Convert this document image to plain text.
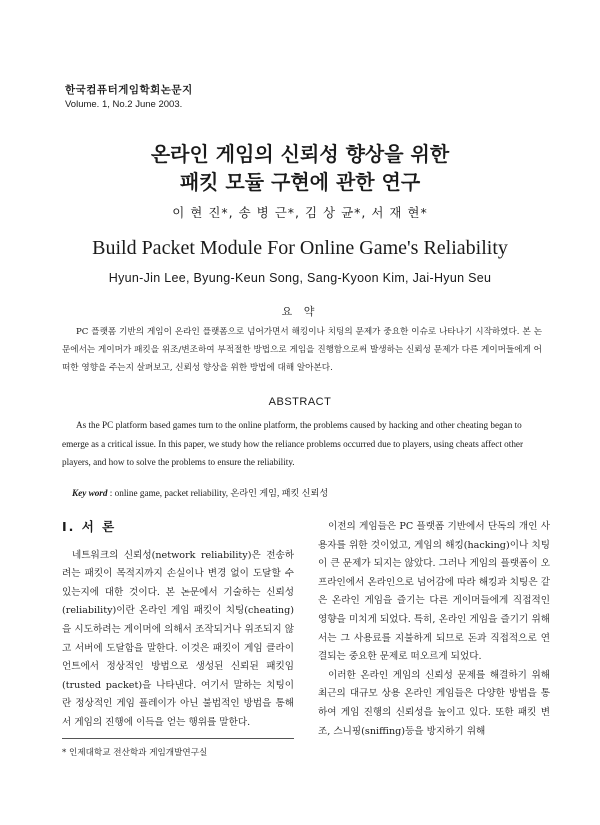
한국컴퓨터게임학회논문지
Volume. 1, No.2 June 2003.
온라인 게임의 신뢰성 향상을 위한
패킷 모듈 구현에 관한 연구
이 현 진*, 송 병 근*, 김 상 균*, 서 재 현*
Build Packet Module For Online Game's Reliability
Hyun-Jin Lee, Byung-Keun Song, Sang-Kyoon Kim, Jai-Hyun Seu
요 약
PC 플랫폼 기반의 게임이 온라인 플랫폼으로 넘어가면서 해킹이나 치팅의 문제가 중요한 이슈로 나타나기 시작하였다. 본 논문에서는 게이머가 패킷을 위조/변조하여 부적절한 방법으로 게임을 진행함으로써 발생하는 신뢰성 문제가 다른 게이머들에게 어떠한 영향을 주는지 살펴보고, 신뢰성 향상을 위한 방법에 대해 알아본다.
ABSTRACT
As the PC platform based games turn to the online platform, the problems caused by hacking and other cheating began to emerge as a critical issue. In this paper, we study how the reliance problems occurred due to players, using cheats affect other players, and how to solve the problems to ensure the reliability.
Key word : online game, packet reliability, 온라인 게임, 패킷 신뢰성
Ⅰ. 서 론

네트워크의 신뢰성(network reliability)은 전송하려는 패킷이 목적지까지 손실이나 변경 없이 도달할 수 있는지에 대한 것이다. 본 논문에서 기술하는 신뢰성(reliability)이란 온라인 게임 패킷이 치팅(cheating)을 시도하려는 게이머에 의해서 조작되거나 위조되지 않고 서버에 도달함을 말한다. 이것은 패킷이 게임 클라이언트에서 정상적인 방법으로 생성된 신뢰된 패킷임(trusted packet)을 나타낸다. 여기서 말하는 치팅이란 정상적인 게임 플레이가 아닌 불법적인 방법을 통해서 게임의 진행에 이득을 얻는 행위를 말한다.

이전의 게임들은 PC 플랫폼 기반에서 단독의 개인 사용자를 위한 것이었고, 게임의 해킹(hacking)이나 치팅이 큰 문제가 되지는 않았다. 그러나 게임의 플랫폼이 오프라인에서 온라인으로 넘어감에 따라 해킹과 치팅은 같은 온라인 게임을 즐기는 다른 게이머들에게 직접적인 영향을 미치게 되었다. 특히, 온라인 게임을 즐기기 위해서는 그 사용료를 지불하게 되므로 돈과 직접적으로 연결되는 중요한 문제로 떠오르게 되었다.

이러한 온라인 게임의 신뢰성 문제를 해결하기 위해 최근의 대규모 상용 온라인 게임들은 다양한 방법을 통하여 게임 진행의 신뢰성을 높이고 있다. 또한 패킷 변조, 스니핑(sniffing)등을 방지하기 위해

* 인제대학교 전산학과 게임개발연구실
